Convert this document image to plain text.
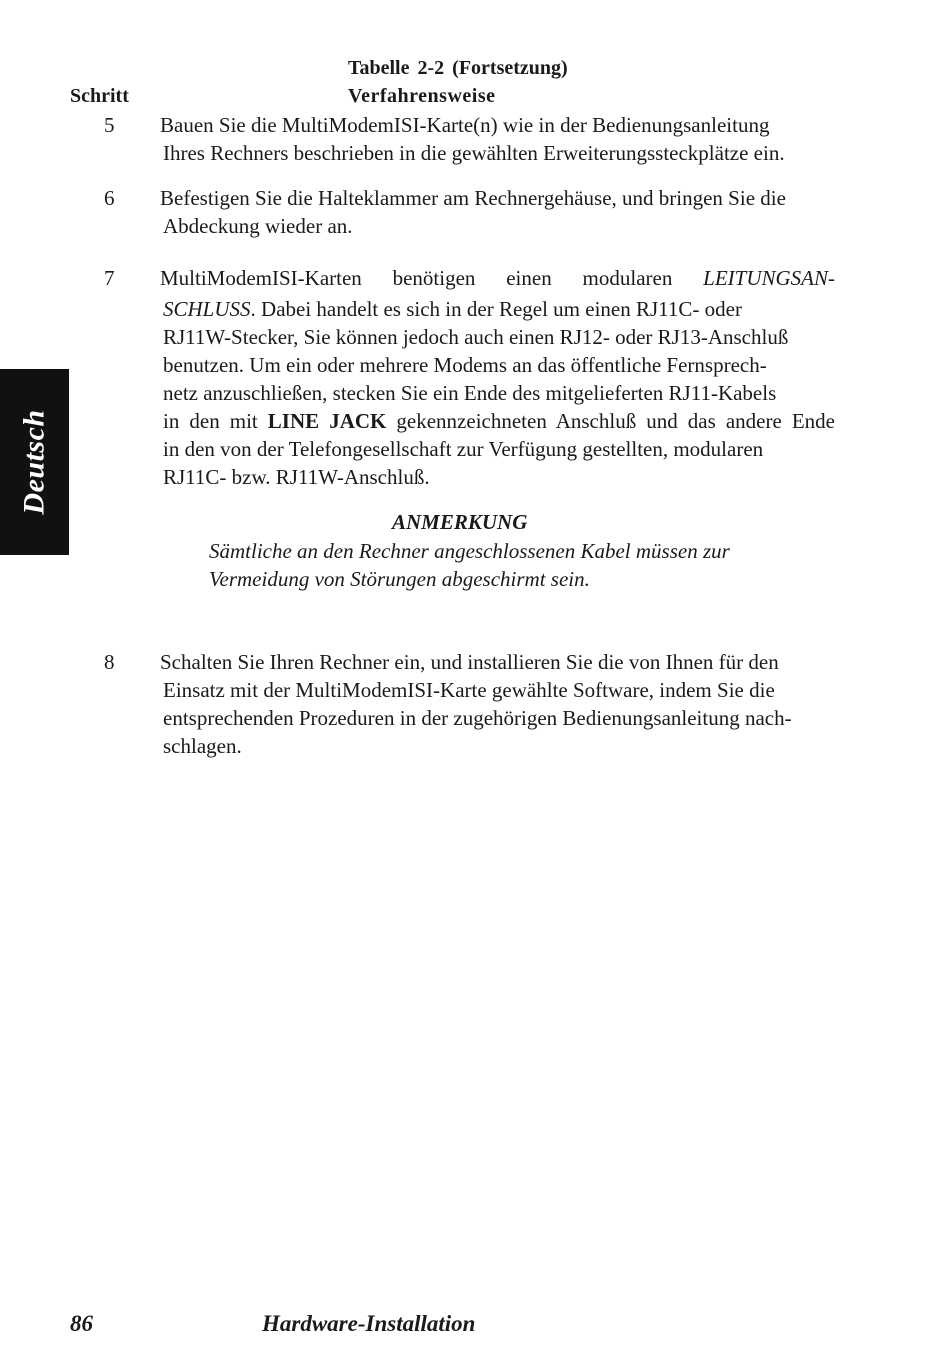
Tabelle 2-2 (Fortsetzung)
Schritt	Verfahrensweise
Deutsch
5 Bauen Sie die MultiModemISI-Karte(n) wie in der Bedienungsanleitung
Ihres Rechners beschrieben in die gewählten Erweiterungssteckplätze ein.
6 Befestigen Sie die Halteklammer am Rechnergehäuse, und bringen Sie die
Abdeckung wieder an.
7 MultiModemISI-Karten benötigen einen modularen LEITUNGSAN-
SCHLUSS. Dabei handelt es sich in der Regel um einen RJ11C- oder
RJ11W-Stecker, Sie können jedoch auch einen RJ12- oder RJ13-Anschluß
benutzen. Um ein oder mehrere Modems an das öffentliche Fernsprech-
netz anzuschließen, stecken Sie ein Ende des mitgelieferten RJ11-Kabels
in den mit LINE JACK gekennzeichneten Anschluß und das andere Ende
in den von der Telefongesellschaft zur Verfügung gestellten, modularen
RJ11C- bzw. RJ11W-Anschluß.
ANMERKUNG
Sämtliche an den Rechner angeschlossenen Kabel müssen zur
Vermeidung von Störungen abgeschirmt sein.
8 Schalten Sie Ihren Rechner ein, und installieren Sie die von Ihnen für den
Einsatz mit der MultiModemISI-Karte gewählte Software, indem Sie die
entsprechenden Prozeduren in der zugehörigen Bedienungsanleitung nach-
schlagen.
86	Hardware-Installation
